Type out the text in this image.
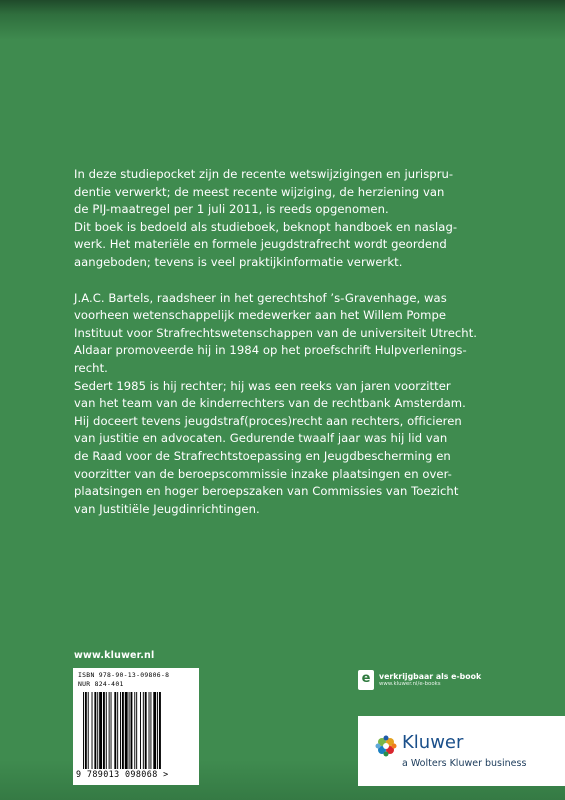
In deze studiepocket zijn de recente wetswijzigingen en jurispru-
dentie verwerkt; de meest recente wijziging, de herziening van
de PIJ-maatregel per 1 juli 2011, is reeds opgenomen.
Dit boek is bedoeld als studieboek, beknopt handboek en naslag-
werk. Het materiële en formele jeugdstrafrecht wordt geordend
aangeboden; tevens is veel praktijkinformatie verwerkt.

J.A.C. Bartels, raadsheer in het gerechtshof ’s-Gravenhage, was
voorheen wetenschappelijk medewerker aan het Willem Pompe
Instituut voor Strafrechtswetenschappen van de universiteit Utrecht.
Aldaar promoveerde hij in 1984 op het proefschrift Hulpverlenings-
recht.
Sedert 1985 is hij rechter; hij was een reeks van jaren voorzitter
van het team van de kinderrechters van de rechtbank Amsterdam.
Hij doceert tevens jeugdstraf(proces)recht aan rechters, officieren
van justitie en advocaten. Gedurende twaalf jaar was hij lid van
de Raad voor de Strafrechtstoepassing en Jeugdbescherming en
voorzitter van de beroepscommissie inzake plaatsingen en over-
plaatsingen en hoger beroepszaken van Commissies van Toezicht
van Justitiële Jeugdinrichtingen.

www.kluwer.nl
ISBN 978-90-13-09806-8
NUR 824-401
9 789013 098068 >
e	verkrijgbaar als e-book
www.kluwer.nl/e-books
Kluwer
a Wolters Kluwer business
